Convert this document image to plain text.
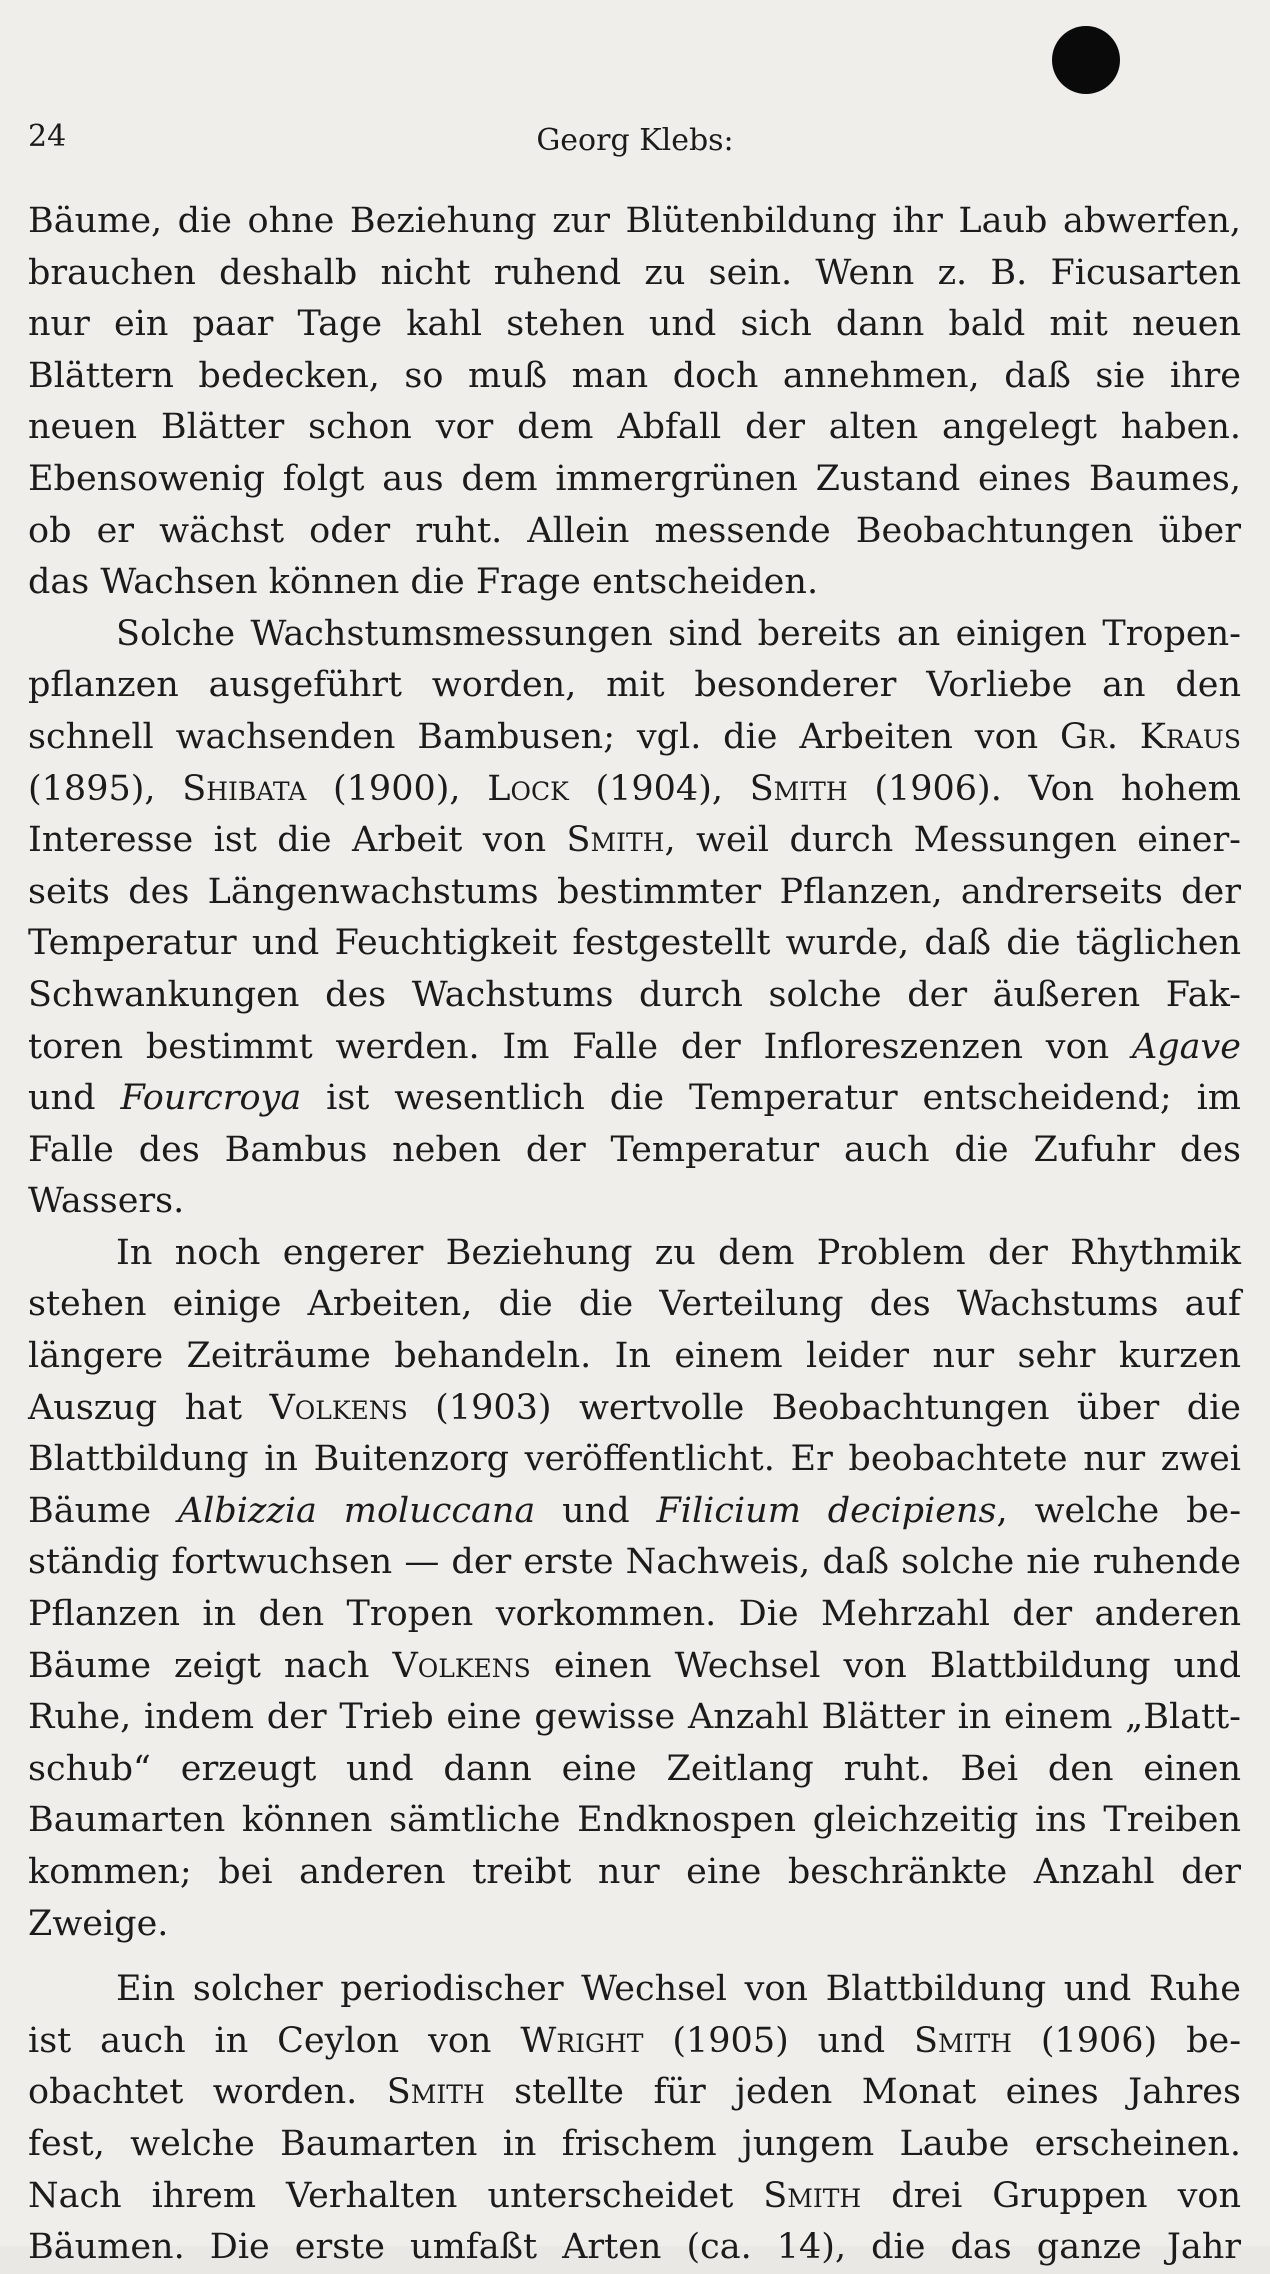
24	Georg Klebs:
Bäume, die ohne Beziehung zur Blütenbildung ihr Laub abwerfen,
brauchen deshalb nicht ruhend zu sein. Wenn z. B. Ficusarten
nur ein paar Tage kahl stehen und sich dann bald mit neuen
Blättern bedecken, so muß man doch annehmen, daß sie ihre
neuen Blätter schon vor dem Abfall der alten angelegt haben.
Ebensowenig folgt aus dem immergrünen Zustand eines Baumes,
ob er wächst oder ruht. Allein messende Beobachtungen über
das Wachsen können die Frage entscheiden.
Solche Wachstumsmessungen sind bereits an einigen Tropen-
pflanzen ausgeführt worden, mit besonderer Vorliebe an den
schnell wachsenden Bambusen; vgl. die Arbeiten von Gr. Kraus
(1895), Shibata (1900), Lock (1904), Smith (1906). Von hohem
Interesse ist die Arbeit von Smith, weil durch Messungen einer-
seits des Längenwachstums bestimmter Pflanzen, andrerseits der
Temperatur und Feuchtigkeit festgestellt wurde, daß die täglichen
Schwankungen des Wachstums durch solche der äußeren Fak-
toren bestimmt werden. Im Falle der Infloreszenzen von Agave
und Fourcroya ist wesentlich die Temperatur entscheidend; im
Falle des Bambus neben der Temperatur auch die Zufuhr des
Wassers.
In noch engerer Beziehung zu dem Problem der Rhythmik
stehen einige Arbeiten, die die Verteilung des Wachstums auf
längere Zeiträume behandeln. In einem leider nur sehr kurzen
Auszug hat Volkens (1903) wertvolle Beobachtungen über die
Blattbildung in Buitenzorg veröffentlicht. Er beobachtete nur zwei
Bäume Albizzia moluccana und Filicium decipiens, welche be-
ständig fortwuchsen — der erste Nachweis, daß solche nie ruhende
Pflanzen in den Tropen vorkommen. Die Mehrzahl der anderen
Bäume zeigt nach Volkens einen Wechsel von Blattbildung und
Ruhe, indem der Trieb eine gewisse Anzahl Blätter in einem „Blatt-
schub“ erzeugt und dann eine Zeitlang ruht. Bei den einen
Baumarten können sämtliche Endknospen gleichzeitig ins Treiben
kommen; bei anderen treibt nur eine beschränkte Anzahl der
Zweige.
Ein solcher periodischer Wechsel von Blattbildung und Ruhe
ist auch in Ceylon von Wright (1905) und Smith (1906) be-
obachtet worden. Smith stellte für jeden Monat eines Jahres
fest, welche Baumarten in frischem jungem Laube erscheinen.
Nach ihrem Verhalten unterscheidet Smith drei Gruppen von
Bäumen. Die erste umfaßt Arten (ca. 14), die das ganze Jahr
